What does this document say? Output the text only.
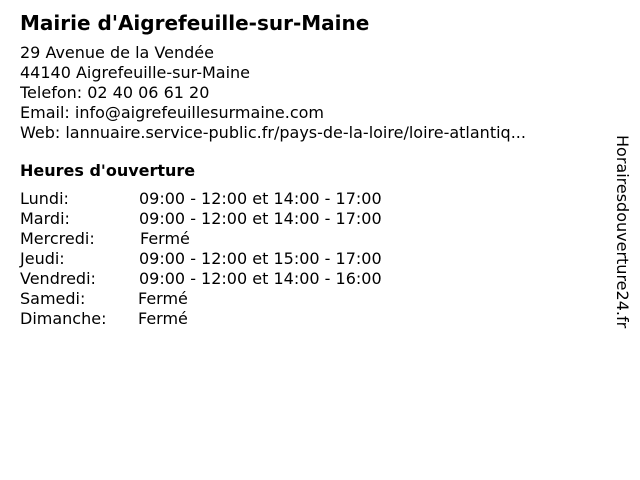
Mairie d'Aigrefeuille-sur-Maine
29 Avenue de la Vendée
44140 Aigrefeuille-sur-Maine
Telefon: 02 40 06 61 20
Email: info@aigrefeuillesurmaine.com
Web: lannuaire.service-public.fr/pays-de-la-loire/loire-atlantiq...
Heures d'ouverture
Lundi:	09:00 - 12:00 et 14:00 - 17:00
Mardi:	09:00 - 12:00 et 14:00 - 17:00
Mercredi:	Fermé
Jeudi:	09:00 - 12:00 et 15:00 - 17:00
Vendredi:	09:00 - 12:00 et 14:00 - 16:00
Samedi:	Fermé
Dimanche: Fermé	Horairesdouverture24.fr
